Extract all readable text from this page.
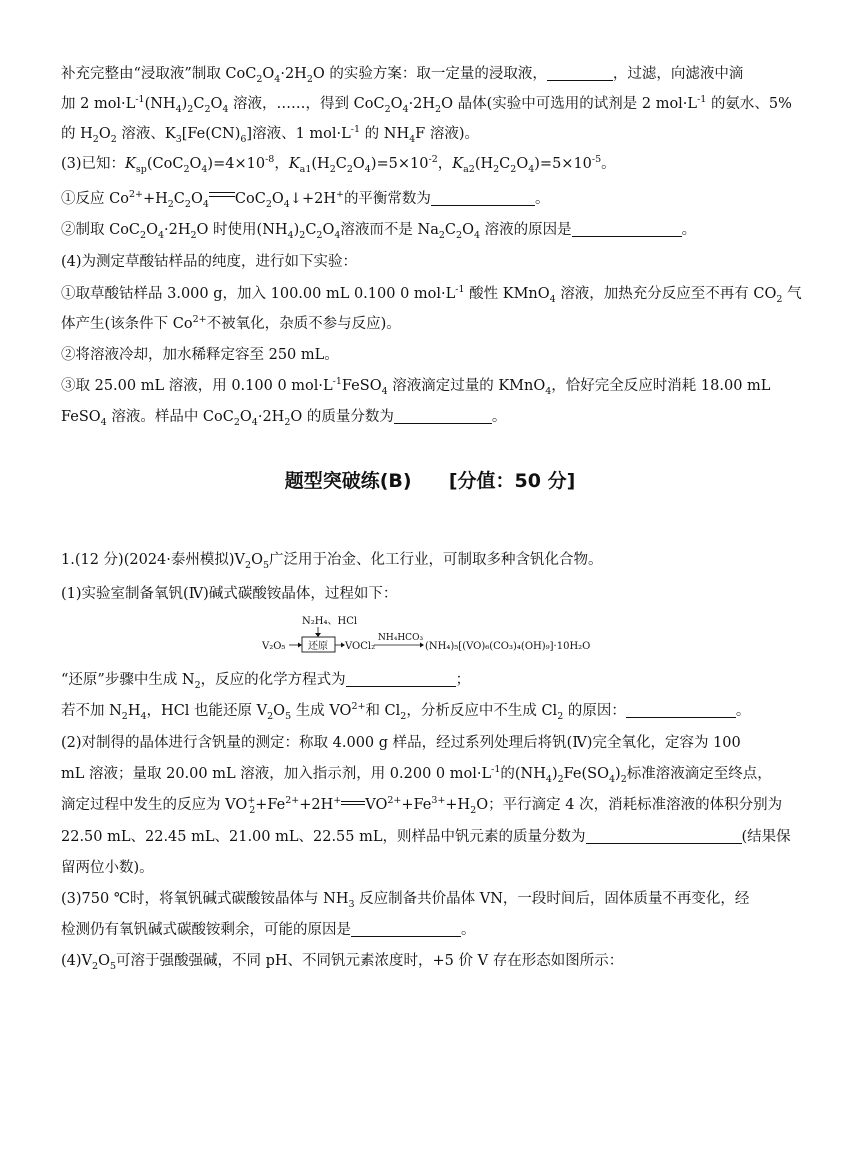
补充完整由“浸取液”制取 $CoC_2O_4\cdot 2H_2O$ 的实验方案：取一定量的浸取液，	，过滤，向滤液中滴
加 2 $mol\cdot L^{-1}(NH_4)_2C_2O_4$ 溶液，……，得到 $CoC_2O_4\cdot 2H_2O$ 晶体(实验中可选用的试剂是 2 $mol\cdot L^{-1}$ 的氨水、5%
的 $H_2O_2$ 溶液、$K_3[Fe(CN)_6]$溶液、1 $mol\cdot L^{-1}$ 的 $NH_4F$ 溶液)。
(3)已知：$K_{sp}(CoC_2O_4)=4\times 10^{-8}$，$K_{a1}(H_2C_2O_4)=5\times 10^{-2}$，$K_{a2}(H_2C_2O_4)=5\times 10^{-5}$。
①反应 $Co^{2+}+H_2C_2O_4$ $CoC_2O_4↓+2H^+$的平衡常数为	。
②制取 $CoC_2O_4\cdot 2H_2O$ 时使用$(NH_4)_2C_2O_4$溶液而不是 $Na_2C_2O_4$ 溶液的原因是	。
(4)为测定草酸钴样品的纯度，进行如下实验：
①取草酸钴样品 3.000 g，加入 100.00 mL 0.100 0 $mol\cdot L^{-1}$ 酸性 KMnO$_4$ 溶液，加热充分反应至不再有 $CO_2$ 气
体产生(该条件下 $Co^{2+}$不被氧化，杂质不参与反应)。
②将溶液冷却，加水稀释定容至 250 mL。
③取 25.00 mL 溶液，用 0.100 0 $mol\cdot L^{-1}FeSO_4$ 溶液滴定过量的 KMnO$_4$，恰好完全反应时消耗 18.00 mL
FeSO$_4$ 溶液。样品中 $CoC_2O_4\cdot 2H_2O$ 的质量分数为	。
题型突破练(B) [分值：50 分]
1.(12 分)(2024·泰州模拟)$V_2O_5$广泛用于冶金、化工行业，可制取多种含钒化合物。
(1)实验室制备氧钒(Ⅳ)碱式碳酸铵晶体，过程如下：
N₂H₄、HCl
V₂O₅ 还原 VOCl₂
NH₄HCO₃
(NH₄)₅[(VO)₆(CO₃)₄(OH)₉]·10H₂O
“还原”步骤中生成 $N_2$，反应的化学方程式为	；
若不加 $N_2H_4$，HCl 也能还原 $V_2O_5$ 生成 $VO^{2+}$和 $Cl_2$，分析反应中不生成 $Cl_2$ 的原因：	。
(2)对制得的晶体进行含钒量的测定：称取 4.000 g 样品，经过系列处理后将钒(Ⅳ)完全氧化，定容为 100
mL 溶液；量取 20.00 mL 溶液，加入指示剂，用 0.200 0 $mol\cdot L^{-1}$的$(NH_4)_2Fe(SO_4)_2$标准溶液滴定至终点，
滴定过程中发生的反应为 $VO^+_2+Fe^{2+}+2H^+$ $VO^{2+}+Fe^{3+}+H_2O$；平行滴定 4 次，消耗标准溶液的体积分别为
22.50 mL、22.45 mL、21.00 mL、22.55 mL，则样品中钒元素的质量分数为	(结果保
留两位小数)。
(3)750 ℃时，将氧钒碱式碳酸铵晶体与 $NH_3$ 反应制备共价晶体 VN，一段时间后，固体质量不再变化，经
检测仍有氧钒碱式碳酸铵剩余，可能的原因是	。
$(4)V_2O_5$可溶于强酸强碱，不同 pH、不同钒元素浓度时，+5 价 V 存在形态如图所示：
